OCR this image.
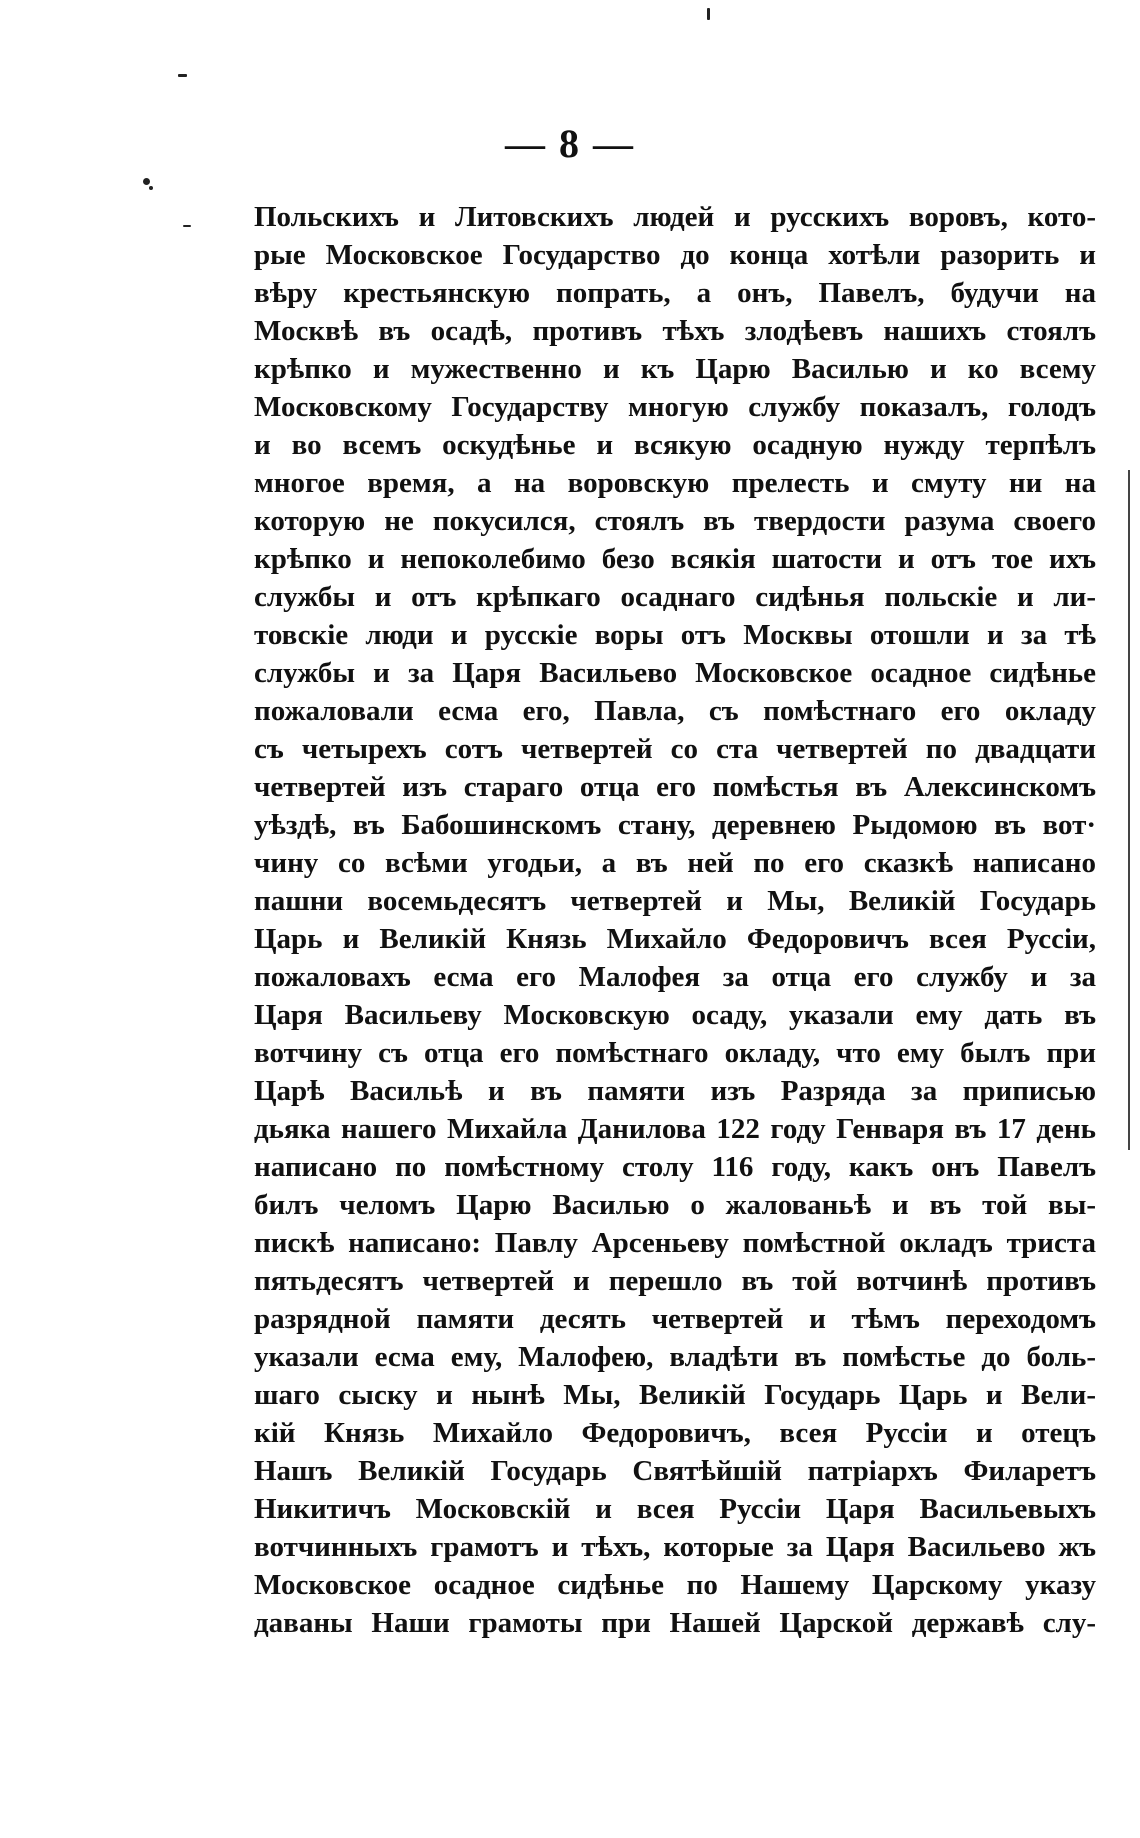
— 8 —
Польскихъ и Литовскихъ людей и русскихъ воровъ, кото-
рые Московское Государство до конца хотѣли разорить и
вѣру крестьянскую попрать, а онъ, Павелъ, будучи на
Москвѣ въ осадѣ, противъ тѣхъ злодѣевъ нашихъ стоялъ
крѣпко и мужественно и къ Царю Василью и ко всему
Московскому Государству многую службу показалъ, голодъ
и во всемъ оскудѣнье и всякую осадную нужду терпѣлъ
многое время, а на воровскую прелесть и смуту ни на
которую не покусился, стоялъ въ твердости разума своего
крѣпко и непоколебимо безо всякія шатости и отъ тое ихъ
службы и отъ крѣпкаго осаднаго сидѣнья польскіе и ли-
товскіе люди и русскіе воры отъ Москвы отошли и за тѣ
службы и за Царя Васильево Московское осадное сидѣнье
пожаловали есма его, Павла, съ помѣстнаго его окладу
съ четырехъ сотъ четвертей со ста четвертей по двадцати
четвертей изъ стараго отца его помѣстья въ Алексинскомъ
уѣздѣ, въ Бабошинскомъ стану, деревнею Рыдомою въ вот·
чину со всѣми угодьи, а въ ней по его сказкѣ написано
пашни восемьдесятъ четвертей и Мы, Великій Государь
Царь и Великій Князь Михайло Федоровичъ всея Руссіи,
пожаловахъ есма его Малофея за отца его службу и за
Царя Васильеву Московскую осаду, указали ему дать въ
вотчину съ отца его помѣстнаго окладу, что ему былъ при
Царѣ Васильѣ и въ памяти изъ Разряда за приписью
дьяка нашего Михайла Данилова 122 году Генваря въ 17 день
написано по помѣстному столу 116 году, какъ онъ Павелъ
билъ челомъ Царю Василью о жалованьѣ и въ той вы-
пискѣ написано: Павлу Арсеньеву помѣстной окладъ триста
пятьдесятъ четвертей и перешло въ той вотчинѣ противъ
разрядной памяти десять четвертей и тѣмъ переходомъ
указали есма ему, Малофею, владѣти въ помѣстье до боль-
шаго сыску и нынѣ Мы, Великій Государь Царь и Вели-
кій Князь Михайло Федоровичъ, всея Руссіи и отецъ
Нашъ Великій Государь Святѣйшій патріархъ Филаретъ
Никитичъ Московскій и всея Руссіи Царя Васильевыхъ
вотчинныхъ грамотъ и тѣхъ, которые за Царя Васильево жъ
Московское осадное сидѣнье по Нашему Царскому указу
даваны Наши грамоты при Нашей Царской державѣ слу-
